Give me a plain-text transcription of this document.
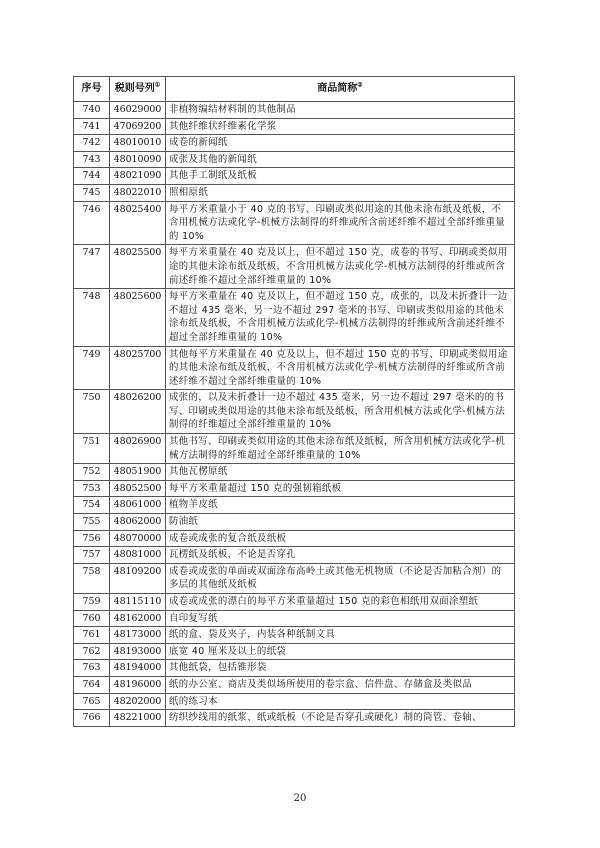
序号	税则号列①	商品简称②
740	46029000	非植物编结材料制的其他制品
741	47069200	其他纤维状纤维素化学浆
742	48010010	成卷的新闻纸
743	48010090	成张及其他的新闻纸
744	48021090	其他手工制纸及纸板
745	48022010	照相原纸
746	48025400	每平方米重量小于 40 克的书写、印刷或类似用途的其他未涂布纸及纸板，不含用机械方法或化学-机械方法制得的纤维或所含前述纤维不超过全部纤维重量的 10%
747	48025500	每平方米重量在 40 克及以上，但不超过 150 克，成卷的书写、印刷或类似用途的其他未涂布纸及纸板，不含用机械方法或化学-机械方法制得的纤维或所含前述纤维不超过全部纤维重量的 10%
748	48025600	每平方米重量在 40 克及以上，但不超过 150 克，成张的，以及未折叠计一边不超过 435 毫米，另一边不超过 297 毫米的书写、印刷或类似用途的其他未涂布纸及纸板，不含用机械方法或化学-机械方法制得的纤维或所含前述纤维不超过全部纤维重量的 10%
749	48025700	其他每平方米重量在 40 克及以上，但不超过 150 克的书写、印刷或类似用途的其他未涂布纸及纸板，不含用机械方法或化学-机械方法制得的纤维或所含前述纤维不超过全部纤维重量的 10%
750	48026200	成张的，以及未折叠计一边不超过 435 毫米，另一边不超过 297 毫米的的书写、印刷或类似用途的其他未涂布纸及纸板，所含用机械方法或化学-机械方法制得的纤维超过全部纤维重量的 10%
751	48026900	其他书写、印刷或类似用途的其他未涂布纸及纸板，所含用机械方法或化学-机械方法制得的纤维超过全部纤维重量的 10%
752	48051900	其他瓦楞原纸
753	48052500	每平方米重量超过 150 克的强韧箱纸板
754	48061000	植物羊皮纸
755	48062000	防油纸
756	48070000	成卷或成张的复合纸及纸板
757	48081000	瓦楞纸及纸板，不论是否穿孔
758	48109200	成卷或成张的单面或双面涂布高岭土或其他无机物质（不论是否加粘合剂）的多层的其他纸及纸板
759	48115110	成卷或成张的漂白的每平方米重量超过 150 克的彩色相纸用双面涂塑纸
760	48162000	自印复写纸
761	48173000	纸的盒、袋及夹子，内装各种纸制文具
762	48193000	底宽 40 厘米及以上的纸袋
763	48194000	其他纸袋，包括锥形袋
764	48196000	纸的办公室、商店及类似场所使用的卷宗盒、信件盘、存储盒及类似品
765	48202000	纸的练习本
766	48221000	纺织纱线用的纸浆、纸或纸板（不论是否穿孔或硬化）制的筒管、卷轴、
20
